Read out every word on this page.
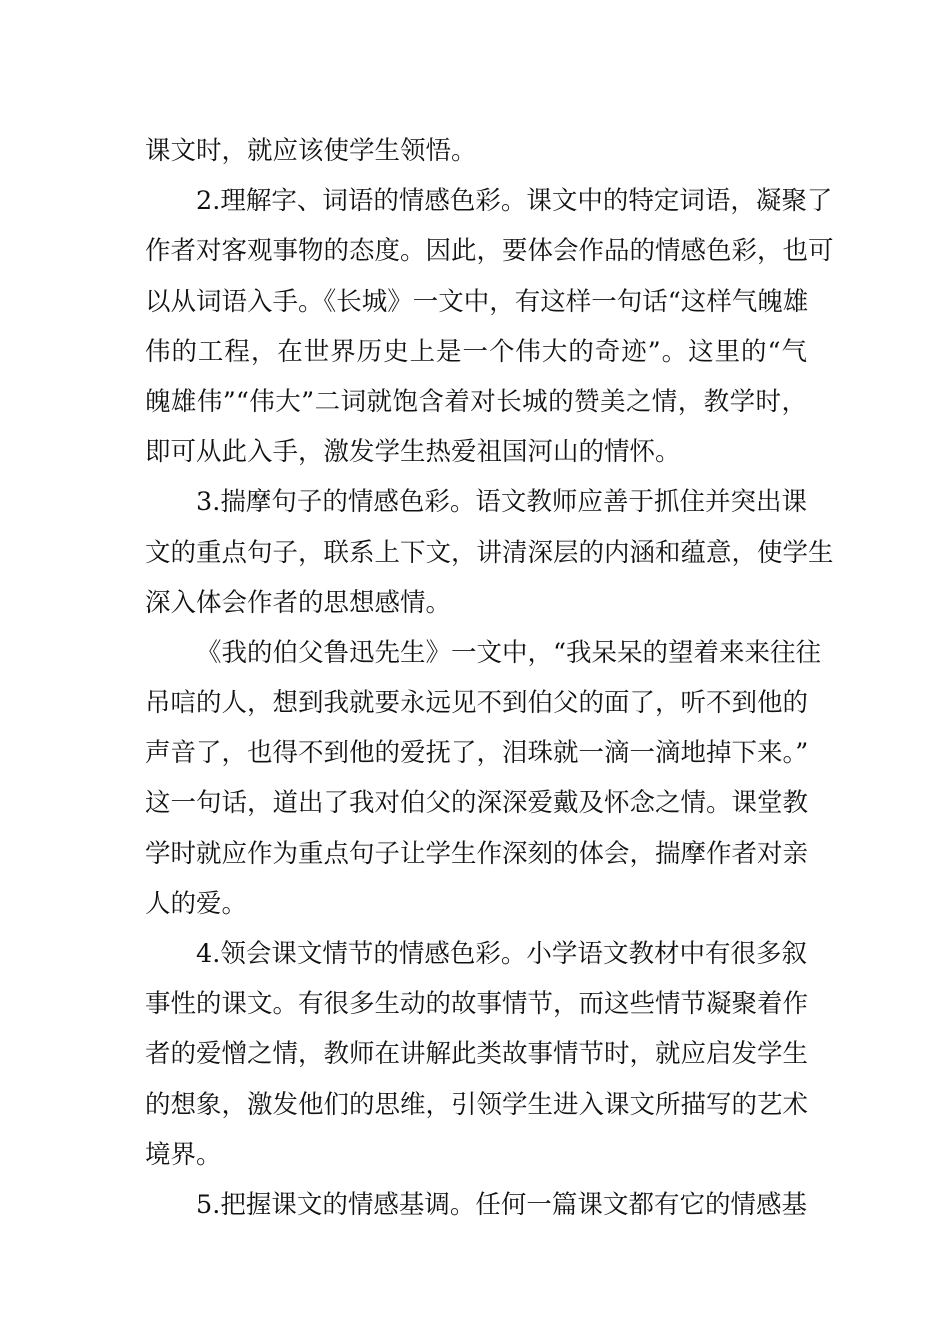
课文时，就应该使学生领悟。
2.理解字、词语的情感色彩。课文中的特定词语，凝聚了
作者对客观事物的态度。因此，要体会作品的情感色彩，也可
以从词语入手。《长城》一文中，有这样一句话“这样气魄雄
伟的工程，在世界历史上是一个伟大的奇迹”。这里的“气
魄雄伟”“伟大”二词就饱含着对长城的赞美之情，教学时，
即可从此入手，激发学生热爱祖国河山的情怀。
3.揣摩句子的情感色彩。语文教师应善于抓住并突出课
文的重点句子，联系上下文，讲清深层的内涵和蕴意，使学生
深入体会作者的思想感情。
《我的伯父鲁迅先生》一文中，“我呆呆的望着来来往往
吊唁的人，想到我就要永远见不到伯父的面了，听不到他的
声音了，也得不到他的爱抚了，泪珠就一滴一滴地掉下来。”
这一句话，道出了我对伯父的深深爱戴及怀念之情。课堂教
学时就应作为重点句子让学生作深刻的体会，揣摩作者对亲
人的爱。
4.领会课文情节的情感色彩。小学语文教材中有很多叙
事性的课文。有很多生动的故事情节，而这些情节凝聚着作
者的爱憎之情，教师在讲解此类故事情节时，就应启发学生
的想象，激发他们的思维，引领学生进入课文所描写的艺术
境界。
5.把握课文的情感基调。任何一篇课文都有它的情感基
